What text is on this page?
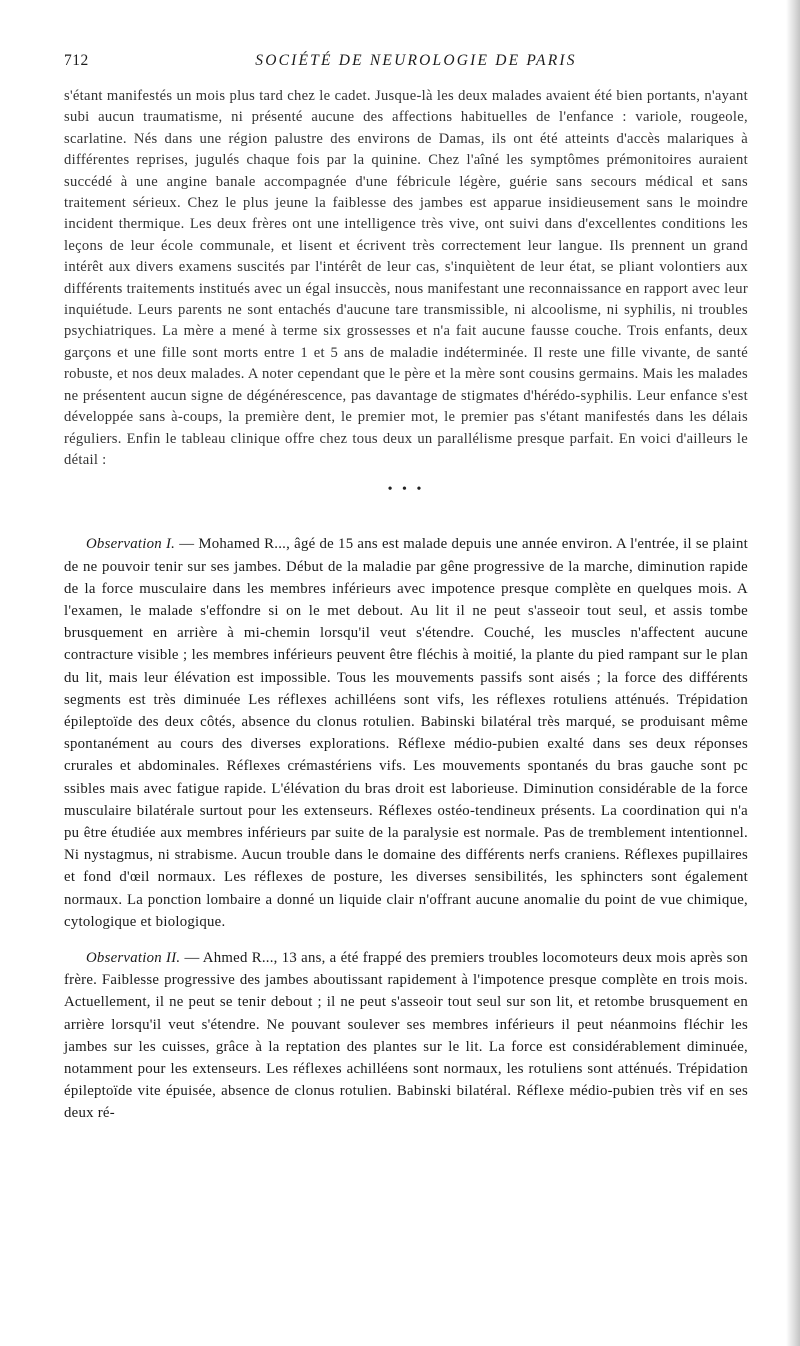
712	SOCIÉTÉ DE NEUROLOGIE DE PARIS

s'étant manifestés un mois plus tard chez le cadet. Jusque-là les deux malades avaient été bien portants, n'ayant subi aucun traumatisme, ni présenté aucune des affections habituelles de l'enfance : variole, rougeole, scarlatine. Nés dans une région palustre des environs de Damas, ils ont été atteints d'accès malariques à différentes reprises, jugulés chaque fois par la quinine. Chez l'aîné les symptômes prémonitoires auraient succédé à une angine banale accompagnée d'une fébricule légère, guérie sans secours médical et sans traitement sérieux. Chez le plus jeune la faiblesse des jambes est apparue insidieusement sans le moindre incident thermique. Les deux frères ont une intelligence très vive, ont suivi dans d'excellentes conditions les leçons de leur école communale, et lisent et écrivent très correctement leur langue. Ils prennent un grand intérêt aux divers examens suscités par l'intérêt de leur cas, s'inquiètent de leur état, se pliant volontiers aux différents traitements institués avec un égal insuccès, nous manifestant une reconnaissance en rapport avec leur inquiétude. Leurs parents ne sont entachés d'aucune tare transmissible, ni alcoolisme, ni syphilis, ni troubles psychiatriques. La mère a mené à terme six grossesses et n'a fait aucune fausse couche. Trois enfants, deux garçons et une fille sont morts entre 1 et 5 ans de maladie indéterminée. Il reste une fille vivante, de santé robuste, et nos deux malades. A noter cependant que le père et la mère sont cousins germains. Mais les malades ne présentent aucun signe de dégénérescence, pas davantage de stigmates d'hérédo-syphilis. Leur enfance s'est développée sans à-coups, la première dent, le premier mot, le premier pas s'étant manifestés dans les délais réguliers. Enfin le tableau clinique offre chez tous deux un parallélisme presque parfait. En voici d'ailleurs le détail :

• • •

Observation I. — Mohamed R..., âgé de 15 ans est malade depuis une année environ. A l'entrée, il se plaint de ne pouvoir tenir sur ses jambes. Début de la maladie par gêne progressive de la marche, diminution rapide de la force musculaire dans les membres inférieurs avec impotence presque complète en quelques mois. A l'examen, le malade s'effondre si on le met debout. Au lit il ne peut s'asseoir tout seul, et assis tombe brusquement en arrière à mi-chemin lorsqu'il veut s'étendre. Couché, les muscles n'affectent aucune contracture visible ; les membres inférieurs peuvent être fléchis à moitié, la plante du pied rampant sur le plan du lit, mais leur élévation est impossible. Tous les mouvements passifs sont aisés ; la force des différents segments est très diminuée Les réflexes achilléens sont vifs, les réflexes rotuliens atténués. Trépidation épileptoïde des deux côtés, absence du clonus rotulien. Babinski bilatéral très marqué, se produisant même spontanément au cours des diverses explorations. Réflexe médio-pubien exalté dans ses deux réponses crurales et abdominales. Réflexes crémastériens vifs. Les mouvements spontanés du bras gauche sont pc ssibles mais avec fatigue rapide. L'élévation du bras droit est laborieuse. Diminution considérable de la force musculaire bilatérale surtout pour les extenseurs. Réflexes ostéo-tendineux présents. La coordination qui n'a pu être étudiée aux membres inférieurs par suite de la paralysie est normale. Pas de tremblement intentionnel. Ni nystagmus, ni strabisme. Aucun trouble dans le domaine des différents nerfs craniens. Réflexes pupillaires et fond d'œil normaux. Les réflexes de posture, les diverses sensibilités, les sphincters sont également normaux. La ponction lombaire a donné un liquide clair n'offrant aucune anomalie du point de vue chimique, cytologique et biologique.

Observation II. — Ahmed R..., 13 ans, a été frappé des premiers troubles locomoteurs deux mois après son frère. Faiblesse progressive des jambes aboutissant rapidement à l'impotence presque complète en trois mois. Actuellement, il ne peut se tenir debout ; il ne peut s'asseoir tout seul sur son lit, et retombe brusquement en arrière lorsqu'il veut s'étendre. Ne pouvant soulever ses membres inférieurs il peut néanmoins fléchir les jambes sur les cuisses, grâce à la reptation des plantes sur le lit. La force est considérablement diminuée, notamment pour les extenseurs. Les réflexes achilléens sont normaux, les rotuliens sont atténués. Trépidation épileptoïde vite épuisée, absence de clonus rotulien. Babinski bilatéral. Réflexe médio-pubien très vif en ses deux ré-
